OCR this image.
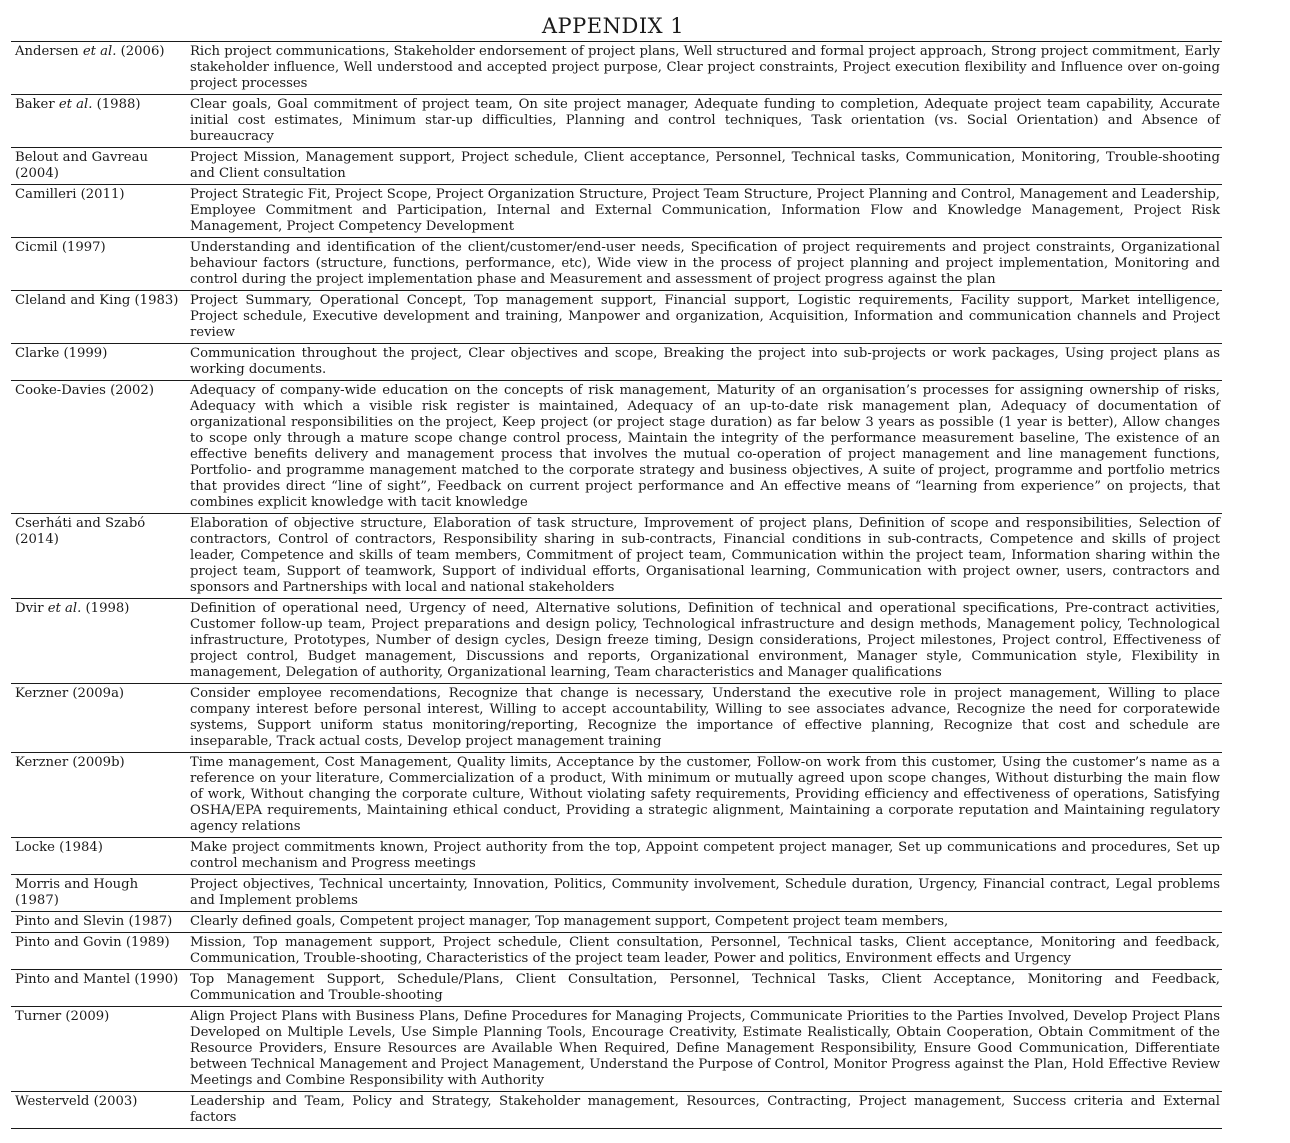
APPENDIX 1
Andersen et al. (2006)	Rich project communications, Stakeholder endorsement of project plans, Well structured and formal project approach, Strong project commitment, Early stakeholder influence, Well understood and accepted project purpose, Clear project constraints, Project execution flexibility and Influence over on-going project processes
Baker et al. (1988)	Clear goals, Goal commitment of project team, On site project manager, Adequate funding to completion, Adequate project team capability, Accurate initial cost estimates, Minimum star-up difficulties, Planning and control techniques, Task orientation (vs. Social Orientation) and Absence of bureaucracy
Belout and Gavreau (2004)	Project Mission, Management support, Project schedule, Client acceptance, Personnel, Technical tasks, Communication, Monitoring, Trouble-shooting and Client consultation
Camilleri (2011)	Project Strategic Fit, Project Scope, Project Organization Structure, Project Team Structure, Project Planning and Control, Management and Leadership, Employee Commitment and Participation, Internal and External Communication, Information Flow and Knowledge Management, Project Risk Management, Project Competency Development
Cicmil (1997)	Understanding and identification of the client/customer/end-user needs, Specification of project requirements and project constraints, Organizational behaviour factors (structure, functions, performance, etc), Wide view in the process of project planning and project implementation, Monitoring and control during the project implementation phase and Measurement and assessment of project progress against the plan
Cleland and King (1983)	Project Summary, Operational Concept, Top management support, Financial support, Logistic requirements, Facility support, Market intelligence, Project schedule, Executive development and training, Manpower and organization, Acquisition, Information and communication channels and Project review
Clarke (1999)	Communication throughout the project, Clear objectives and scope, Breaking the project into sub-projects or work packages, Using project plans as working documents.
Cooke-Davies (2002)	Adequacy of company-wide education on the concepts of risk management, Maturity of an organisation’s processes for assigning ownership of risks, Adequacy with which a visible risk register is maintained, Adequacy of an up-to-date risk management plan, Adequacy of documentation of organizational responsibilities on the project, Keep project (or project stage duration) as far below 3 years as possible (1 year is better), Allow changes to scope only through a mature scope change control process, Maintain the integrity of the performance measurement baseline, The existence of an effective benefits delivery and management process that involves the mutual co-operation of project management and line management functions, Portfolio- and programme management matched to the corporate strategy and business objectives, A suite of project, programme and portfolio metrics that provides direct “line of sight”, Feedback on current project performance and An effective means of “learning from experience” on projects, that combines explicit knowledge with tacit knowledge
Cserháti and Szabó (2014)	Elaboration of objective structure, Elaboration of task structure, Improvement of project plans, Definition of scope and responsibilities, Selection of contractors, Control of contractors, Responsibility sharing in sub-contracts, Financial conditions in sub-contracts, Competence and skills of project leader, Competence and skills of team members, Commitment of project team, Communication within the project team, Information sharing within the project team, Support of teamwork, Support of individual efforts, Organisational learning, Communication with project owner, users, contractors and sponsors and Partnerships with local and national stakeholders
Dvir et al. (1998)	Definition of operational need, Urgency of need, Alternative solutions, Definition of technical and operational specifications, Pre-contract activities, Customer follow-up team, Project preparations and design policy, Technological infrastructure and design methods, Management policy, Technological infrastructure, Prototypes, Number of design cycles, Design freeze timing, Design considerations, Project milestones, Project control, Effectiveness of project control, Budget management, Discussions and reports, Organizational environment, Manager style, Communication style, Flexibility in management, Delegation of authority, Organizational learning, Team characteristics and Manager qualifications
Kerzner (2009a)	Consider employee recomendations, Recognize that change is necessary, Understand the executive role in project management, Willing to place company interest before personal interest, Willing to accept accountability, Willing to see associates advance, Recognize the need for corporatewide systems, Support uniform status monitoring/reporting, Recognize the importance of effective planning, Recognize that cost and schedule are inseparable, Track actual costs, Develop project management training
Kerzner (2009b)	Time management, Cost Management, Quality limits, Acceptance by the customer, Follow-on work from this customer, Using the customer’s name as a reference on your literature, Commercialization of a product, With minimum or mutually agreed upon scope changes, Without disturbing the main flow of work, Without changing the corporate culture, Without violating safety requirements, Providing efficiency and effectiveness of operations, Satisfying OSHA/EPA requirements, Maintaining ethical conduct, Providing a strategic alignment, Maintaining a corporate reputation and Maintaining regulatory agency relations
Locke (1984)	Make project commitments known, Project authority from the top, Appoint competent project manager, Set up communications and procedures, Set up control mechanism and Progress meetings
Morris and Hough (1987)	Project objectives, Technical uncertainty, Innovation, Politics, Community involvement, Schedule duration, Urgency, Financial contract, Legal problems and Implement problems
Pinto and Slevin (1987)	Clearly defined goals, Competent project manager, Top management support, Competent project team members,
Pinto and Govin (1989)	Mission, Top management support, Project schedule, Client consultation, Personnel, Technical tasks, Client acceptance, Monitoring and feedback, Communication, Trouble-shooting, Characteristics of the project team leader, Power and politics, Environment effects and Urgency
Pinto and Mantel (1990)	Top Management Support, Schedule/Plans, Client Consultation, Personnel, Technical Tasks, Client Acceptance, Monitoring and Feedback, Communication and Trouble-shooting
Turner (2009)	Align Project Plans with Business Plans, Define Procedures for Managing Projects, Communicate Priorities to the Parties Involved, Develop Project Plans Developed on Multiple Levels, Use Simple Planning Tools, Encourage Creativity, Estimate Realistically, Obtain Cooperation, Obtain Commitment of the Resource Providers, Ensure Resources are Available When Required, Define Management Responsibility, Ensure Good Communication, Differentiate between Technical Management and Project Management, Understand the Purpose of Control, Monitor Progress against the Plan, Hold Effective Review Meetings and Combine Responsibility with Authority
Westerveld (2003)	Leadership and Team, Policy and Strategy, Stakeholder management, Resources, Contracting, Project management, Success criteria and External factors
